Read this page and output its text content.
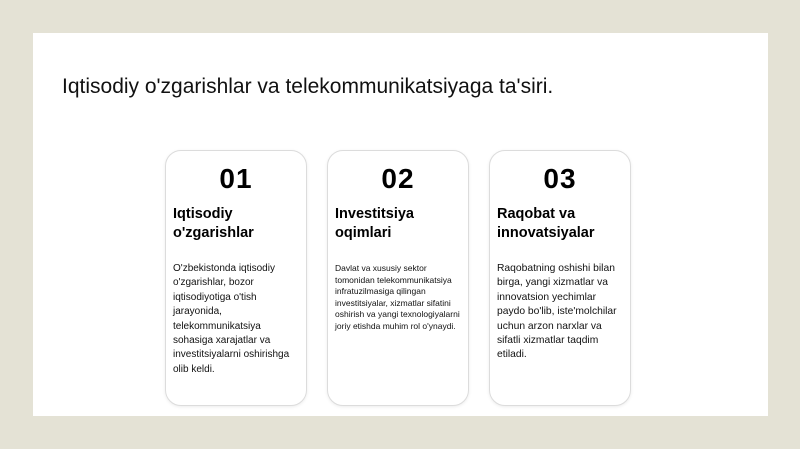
Iqtisodiy o'zgarishlar va telekommunikatsiyaga ta'siri.
01
Iqtisodiy o'zgarishlar
O'zbekistonda iqtisodiy o'zgarishlar, bozor iqtisodiyotiga o'tish jarayonida, telekommunikatsiya sohasiga xarajatlar va investitsiyalarni oshirishga olib keldi.
02
Investitsiya oqimlari
Davlat va xususiy sektor tomonidan telekommunikatsiya infratuzilmasiga qilingan investitsiyalar, xizmatlar sifatini oshirish va yangi texnologiyalarni joriy etishda muhim rol o'ynaydi.
03
Raqobat va innovatsiyalar
Raqobatning oshishi bilan birga, yangi xizmatlar va innovatsion yechimlar paydo bo'lib, iste'molchilar uchun arzon narxlar va sifatli xizmatlar taqdim etiladi.
